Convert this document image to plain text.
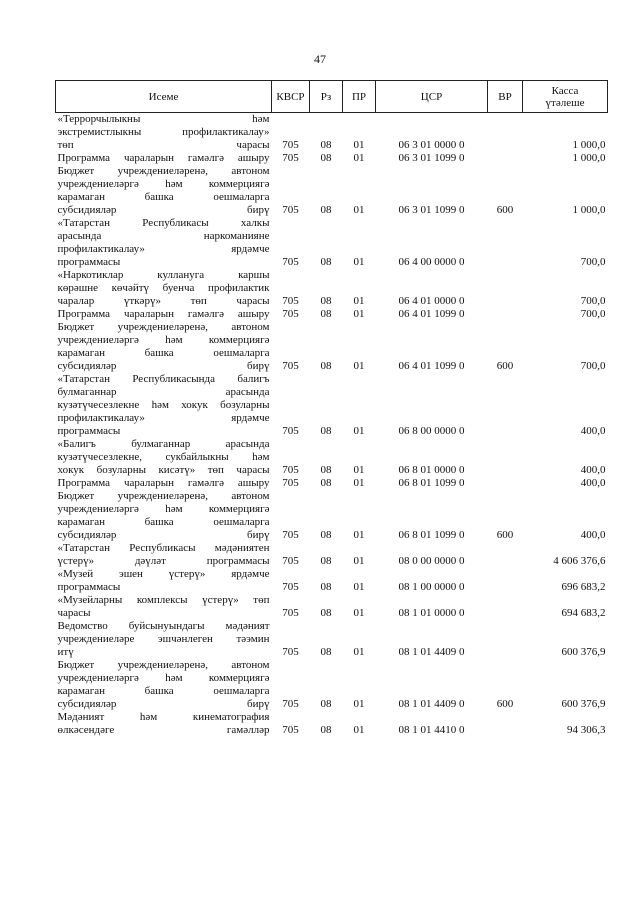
47
Исеме	КВСР	Рз	ПР	ЦСР	ВР	Касса
үтәлеше

«Террорчылыкны һәм
экстремистлыкны профилактикалау»
төп чарасы	705	08	01	06 3 01 0000 0		1 000,0

Программа чараларын гамәлгә ашыру	705	08	01	06 3 01 1099 0		1 000,0

Бюджет учреждениеләренә, автоном
учреждениеләргә һәм коммерциягә
карамаган башка оешмаларга
субсидияләр бирү	705	08	01	06 3 01 1099 0	600	1 000,0

«Татарстан Республикасы халкы
арасында наркоманияне
профилактикалау» ярдәмче
программасы	705	08	01	06 4 00 0000 0		700,0

«Наркотиклар кулланугa каршы
көрәшне көчәйтү буенча профилактик
чаралар үткәрү» төп чарасы	705	08	01	06 4 01 0000 0		700,0

Программа чараларын гамәлгә ашыру	705	08	01	06 4 01 1099 0		700,0

Бюджет учреждениеләренә, автоном
учреждениеләргә һәм коммерциягә
карамаган башка оешмаларга
субсидияләр бирү	705	08	01	06 4 01 1099 0	600	700,0

«Татарстан Республикасында балигъ
булмаганнар арасында
кузәтүчесезлекне һәм хокук бозуларны
профилактикалау» ярдәмче
программасы	705	08	01	06 8 00 0000 0		400,0

«Балигъ булмаганнар арасында
кузәтүчесезлекне, сукбайлыкны һәм
хокук бозуларны кисәтү» төп чарасы	705	08	01	06 8 01 0000 0		400,0

Программа чараларын гамәлгә ашыру	705	08	01	06 8 01 1099 0		400,0

Бюджет учреждениеләренә, автоном
учреждениеләргә һәм коммерциягә
карамаган башка оешмаларга
субсидияләр бирү	705	08	01	06 8 01 1099 0	600	400,0

«Татарстан Республикасы мәдәниятен
үстерү» дәүләт программасы	705	08	01	08 0 00 0000 0		4 606 376,6

«Музей эшен үстерү» ярдәмче
программасы	705	08	01	08 1 00 0000 0		696 683,2

«Музейларны комплексы үстерү» төп
чарасы	705	08	01	08 1 01 0000 0		694 683,2

Ведомство буйсынуындагы мәдәният
учреждениеләре эшчәнлеген тәэмин
итү	705	08	01	08 1 01 4409 0		600 376,9

Бюджет учреждениеләренә, автоном
учреждениеләргә һәм коммерциягә
карамаган башка оешмаларга
субсидияләр бирү	705	08	01	08 1 01 4409 0	600	600 376,9

Мәдәният һәм кинематография
өлкәсендәге гамәлләр	705	08	01	08 1 01 4410 0		94 306,3
